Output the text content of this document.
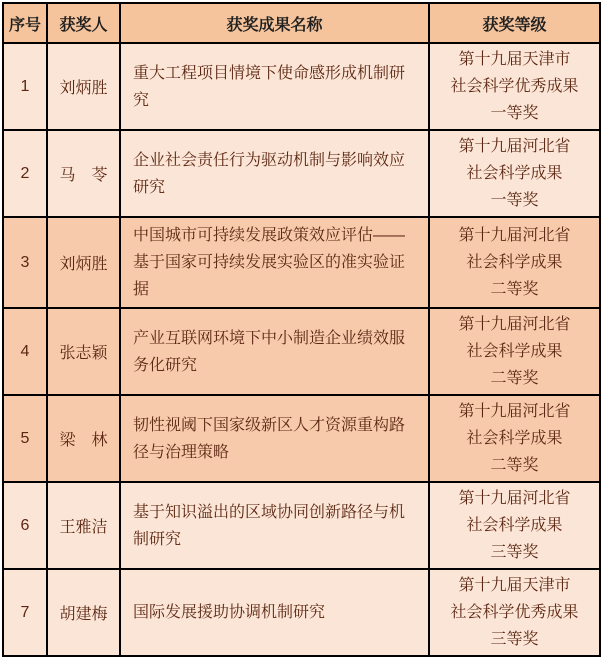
序号	获奖人	获奖成果名称	获奖等级
1	刘炳胜	重大工程项目情境下使命感形成机制研究	第十九届天津市
社会科学优秀成果
一等奖

2	马　苓	企业社会责任行为驱动机制与影响效应研究	第十九届河北省
社会科学成果
一等奖

3	刘炳胜	中国城市可持续发展政策效应评估——基于国家可持续发展实验区的准实验证据	第十九届河北省
社会科学成果
二等奖

4	张志颖	产业互联网环境下中小制造企业绩效服务化研究	第十九届河北省
社会科学成果
二等奖

5	梁　林	韧性视阈下国家级新区人才资源重构路径与治理策略	第十九届河北省
社会科学成果
二等奖

6	王雅洁	基于知识溢出的区域协同创新路径与机制研究	第十九届河北省
社会科学成果
三等奖

7	胡建梅	国际发展援助协调机制研究	第十九届天津市
社会科学优秀成果
三等奖
